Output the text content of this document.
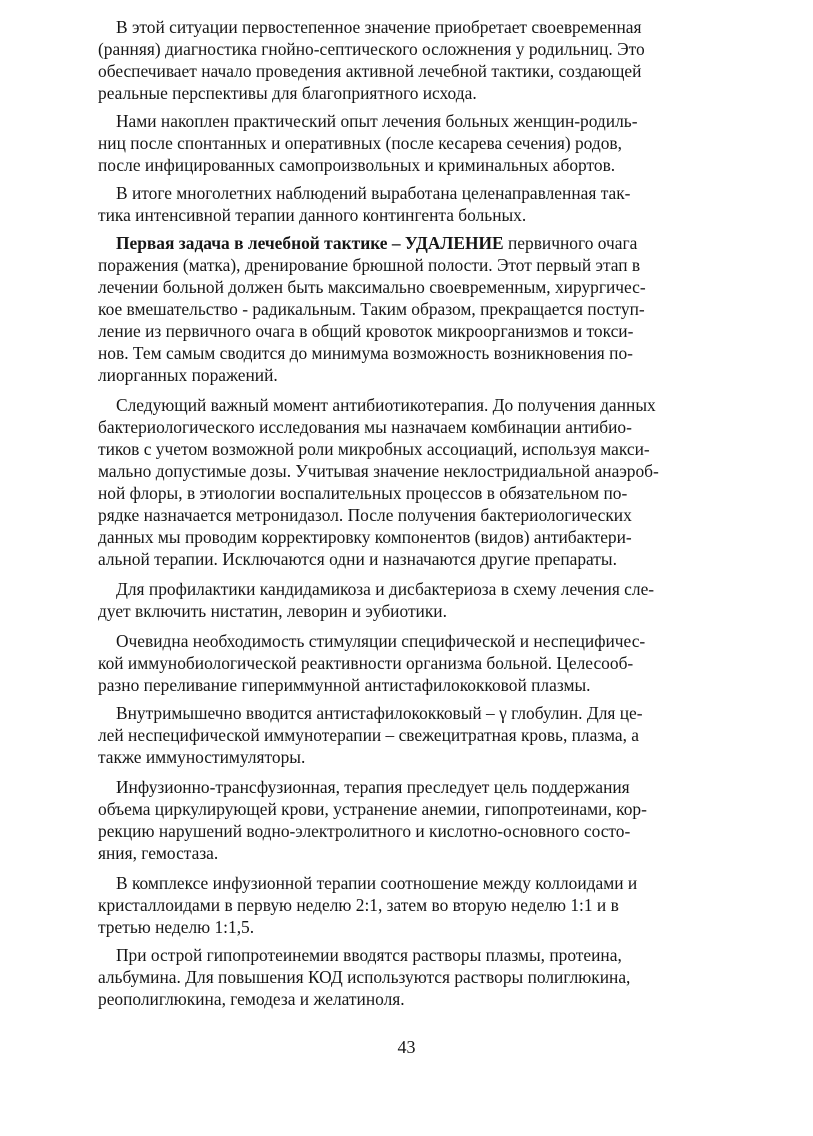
В этой ситуации первостепенное значение приобретает своевременная
(ранняя) диагностика гнойно-септического осложнения у родильниц. Это
обеспечивает начало проведения активной лечебной тактики, создающей
реальные перспективы для благоприятного исхода.
Нами накоплен практический опыт лечения больных женщин-родиль-
ниц после спонтанных и оперативных (после кесарева сечения) родов,
после инфицированных самопроизвольных и криминальных абортов.
В итоге многолетних наблюдений выработана целенаправленная так-
тика интенсивной терапии данного контингента больных.
Первая задача в лечебной тактике – УДАЛЕНИЕ первичного очага
поражения (матка), дренирование брюшной полости. Этот первый этап в
лечении больной должен быть максимально своевременным, хирургичес-
кое вмешательство - радикальным. Таким образом, прекращается поступ-
ление из первичного очага в общий кровоток микроорганизмов и токси-
нов. Тем самым сводится до минимума возможность возникновения по-
лиорганных поражений.
Следующий важный момент антибиотикотерапия. До получения данных
бактериологического исследования мы назначаем комбинации антибио-
тиков с учетом возможной роли микробных ассоциаций, используя макси-
мально допустимые дозы. Учитывая значение неклостридиальной анаэроб-
ной флоры, в этиологии воспалительных процессов в обязательном по-
рядке назначается метронидазол. После получения бактериологических
данных мы проводим корректировку компонентов (видов) антибактери-
альной терапии. Исключаются одни и назначаются другие препараты.
Для профилактики кандидамикоза и дисбактериоза в схему лечения сле-
дует включить нистатин, леворин и эубиотики.
Очевидна необходимость стимуляции специфической и неспецифичес-
кой иммунобиологической реактивности организма больной. Целесооб-
разно переливание гипериммунной антистафилококковой плазмы.
Внутримышечно вводится антистафилококковый – γ глобулин. Для це-
лей неспецифической иммунотерапии – свежецитратная кровь, плазма, а
также иммуностимуляторы.
Инфузионно-трансфузионная, терапия преследует цель поддержания
объема циркулирующей крови, устранение анемии, гипопротеинами, кор-
рекцию нарушений водно-электролитного и кислотно-основного состо-
яния, гемостаза.
В комплексе инфузионной терапии соотношение между коллоидами и
кристаллоидами в первую неделю 2:1, затем во вторую неделю 1:1 и в
третью неделю 1:1,5.
При острой гипопротеинемии вводятся растворы плазмы, протеина,
альбумина. Для повышения КОД используются растворы полиглюкина,
реополиглюкина, гемодеза и желатиноля.
43
